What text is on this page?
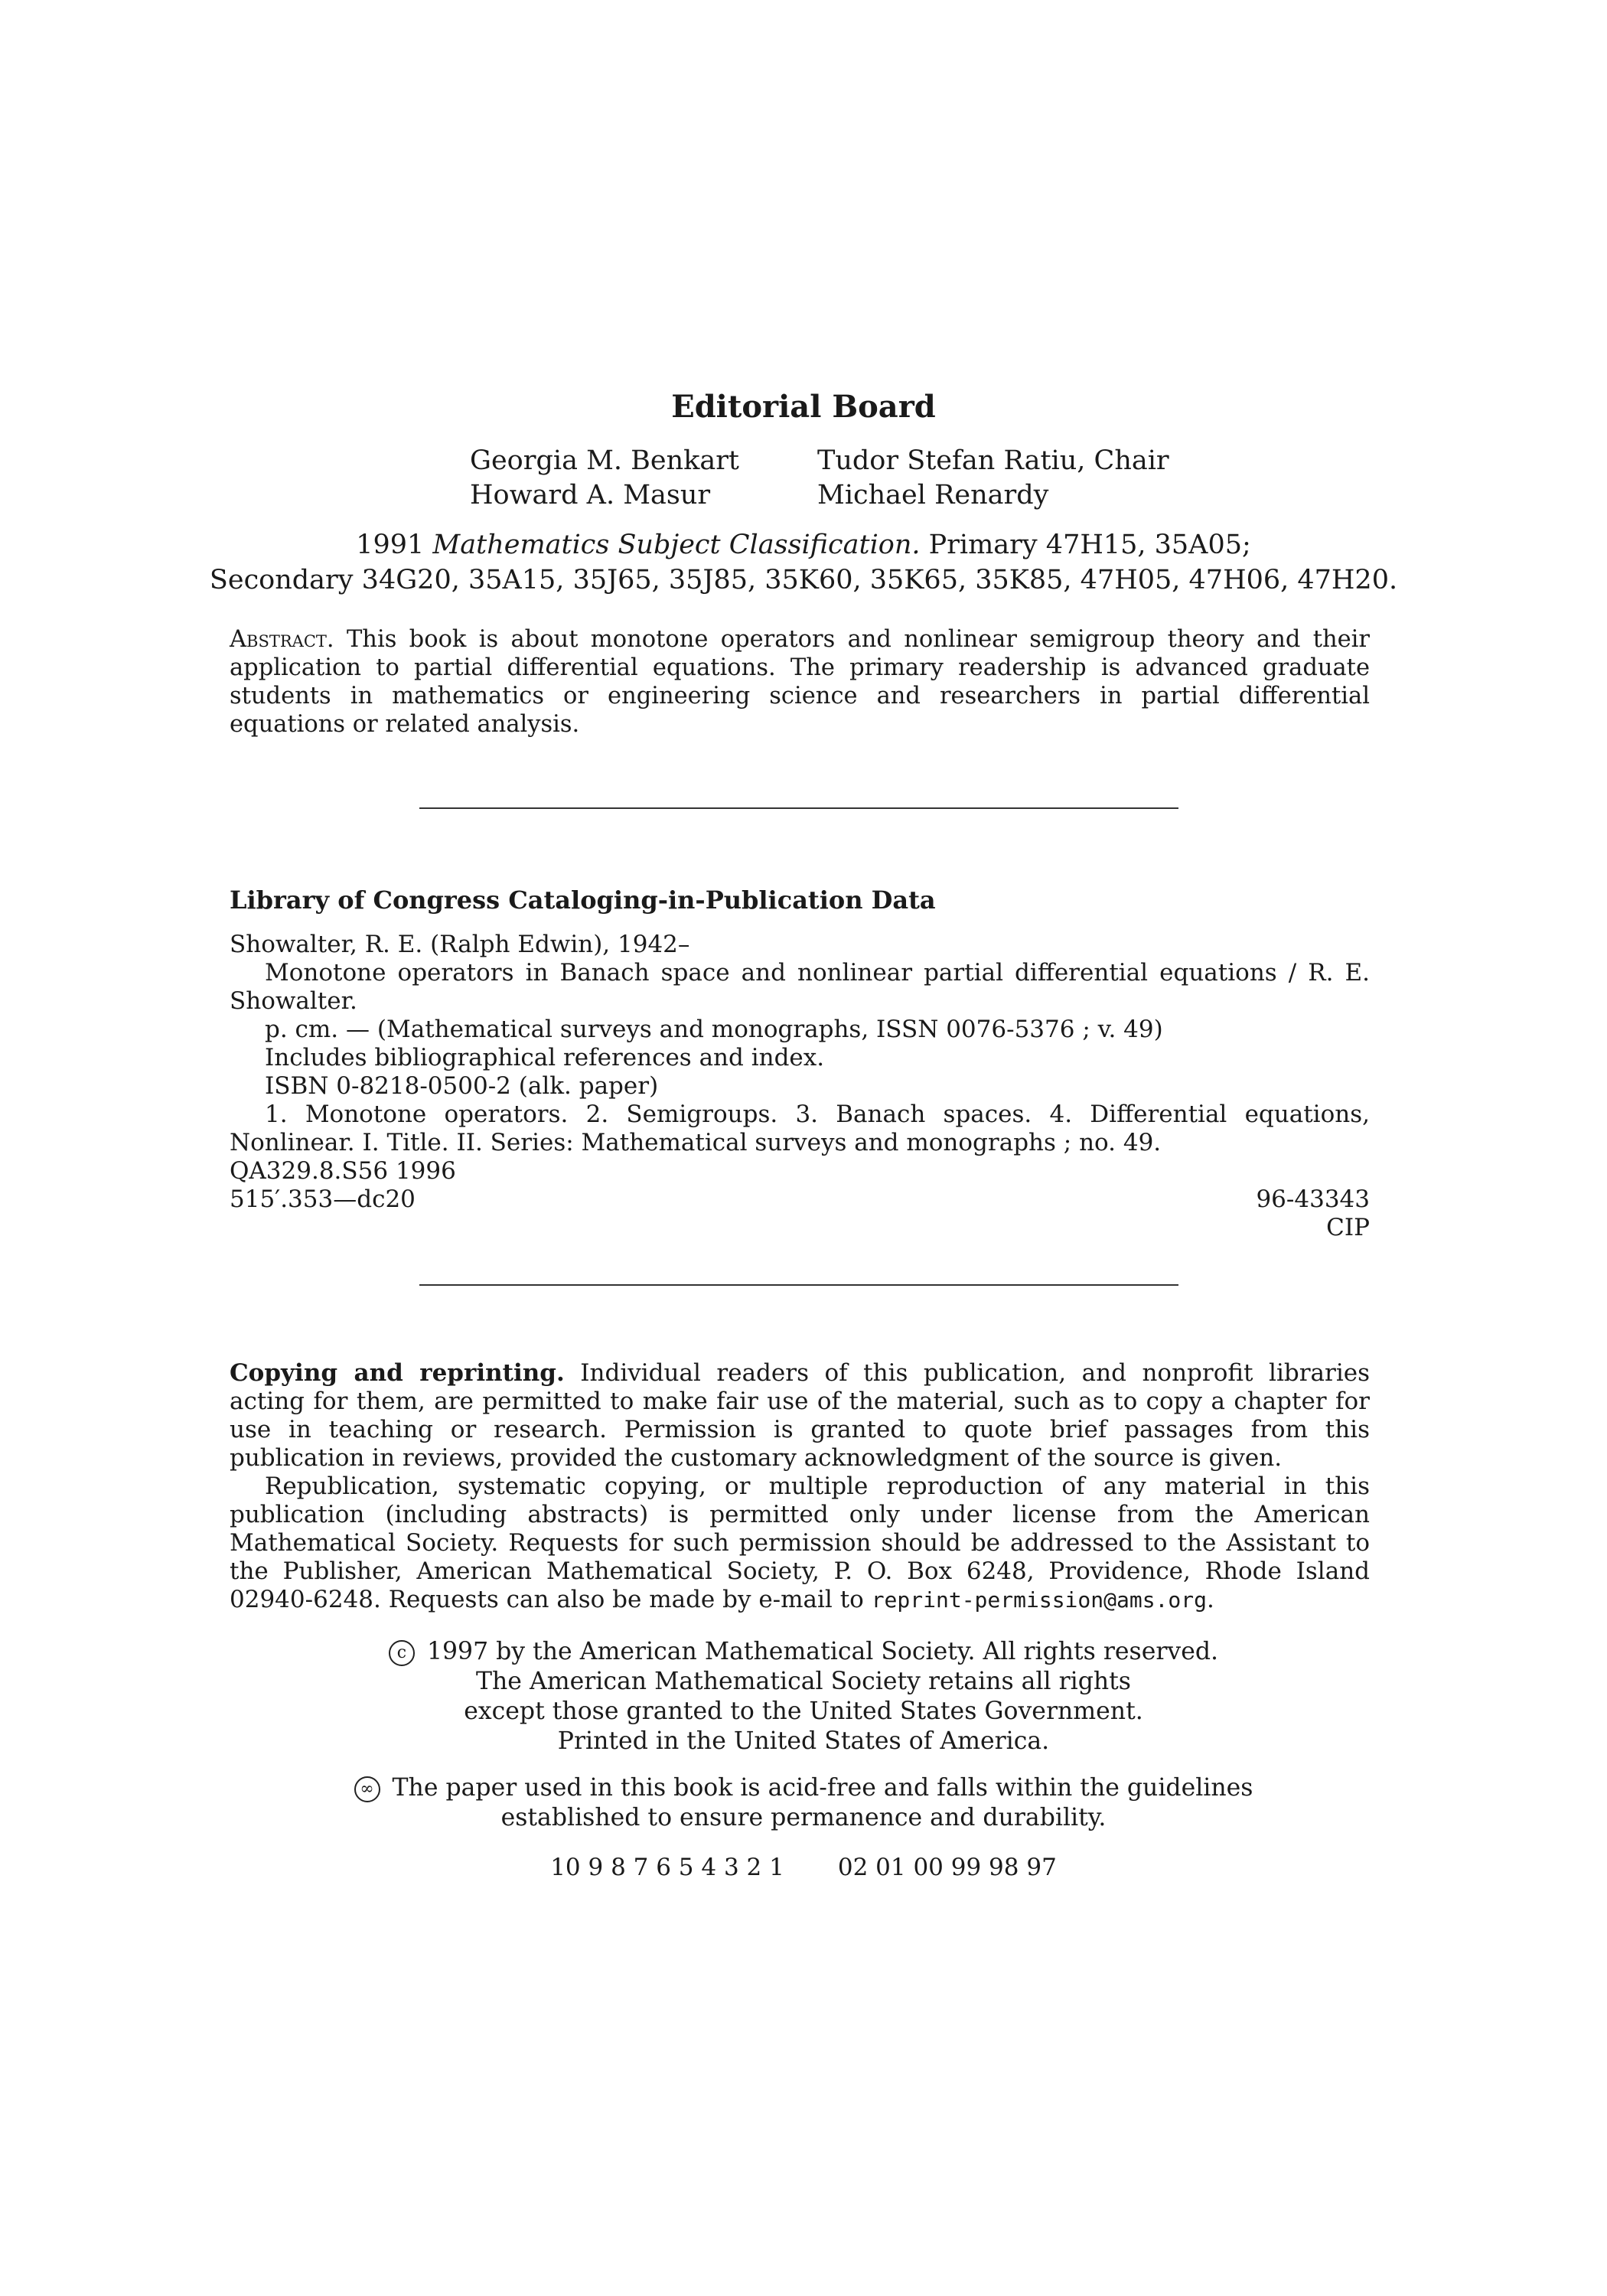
Editorial Board
Georgia M. Benkart
Howard A. Masur
Tudor Stefan Ratiu, Chair
Michael Renardy
1991 Mathematics Subject Classification. Primary 47H15, 35A05;
Secondary 34G20, 35A15, 35J65, 35J85, 35K60, 35K65, 35K85, 47H05, 47H06, 47H20.
Abstract. This book is about monotone operators and nonlinear semigroup theory and their application to partial differential equations. The primary readership is advanced graduate students in mathematics or engineering science and researchers in partial differential equations or related analysis.
Library of Congress Cataloging-in-Publication Data
Showalter, R. E. (Ralph Edwin), 1942–
Monotone operators in Banach space and nonlinear partial differential equations / R. E. Showalter.
p. cm. — (Mathematical surveys and monographs, ISSN 0076-5376 ; v. 49)
Includes bibliographical references and index.
ISBN 0-8218-0500-2 (alk. paper)
1. Monotone operators. 2. Semigroups. 3. Banach spaces. 4. Differential equations, Nonlinear. I. Title. II. Series: Mathematical surveys and monographs ; no. 49.
QA329.8.S56 1996
515′.353—dc20	96-43343
CIP
Copying and reprinting. Individual readers of this publication, and nonprofit libraries acting for them, are permitted to make fair use of the material, such as to copy a chapter for use in teaching or research. Permission is granted to quote brief passages from this publication in reviews, provided the customary acknowledgment of the source is given.
Republication, systematic copying, or multiple reproduction of any material in this publication (including abstracts) is permitted only under license from the American Mathematical Society. Requests for such permission should be addressed to the Assistant to the Publisher, American Mathematical Society, P. O. Box 6248, Providence, Rhode Island 02940-6248. Requests can also be made by e-mail to reprint-permission@ams.org.
c 1997 by the American Mathematical Society. All rights reserved.
The American Mathematical Society retains all rights
except those granted to the United States Government.
Printed in the United States of America.
∞ The paper used in this book is acid-free and falls within the guidelines
established to ensure permanence and durability.
10 9 8 7 6 5 4 3 2 1 02 01 00 99 98 97
